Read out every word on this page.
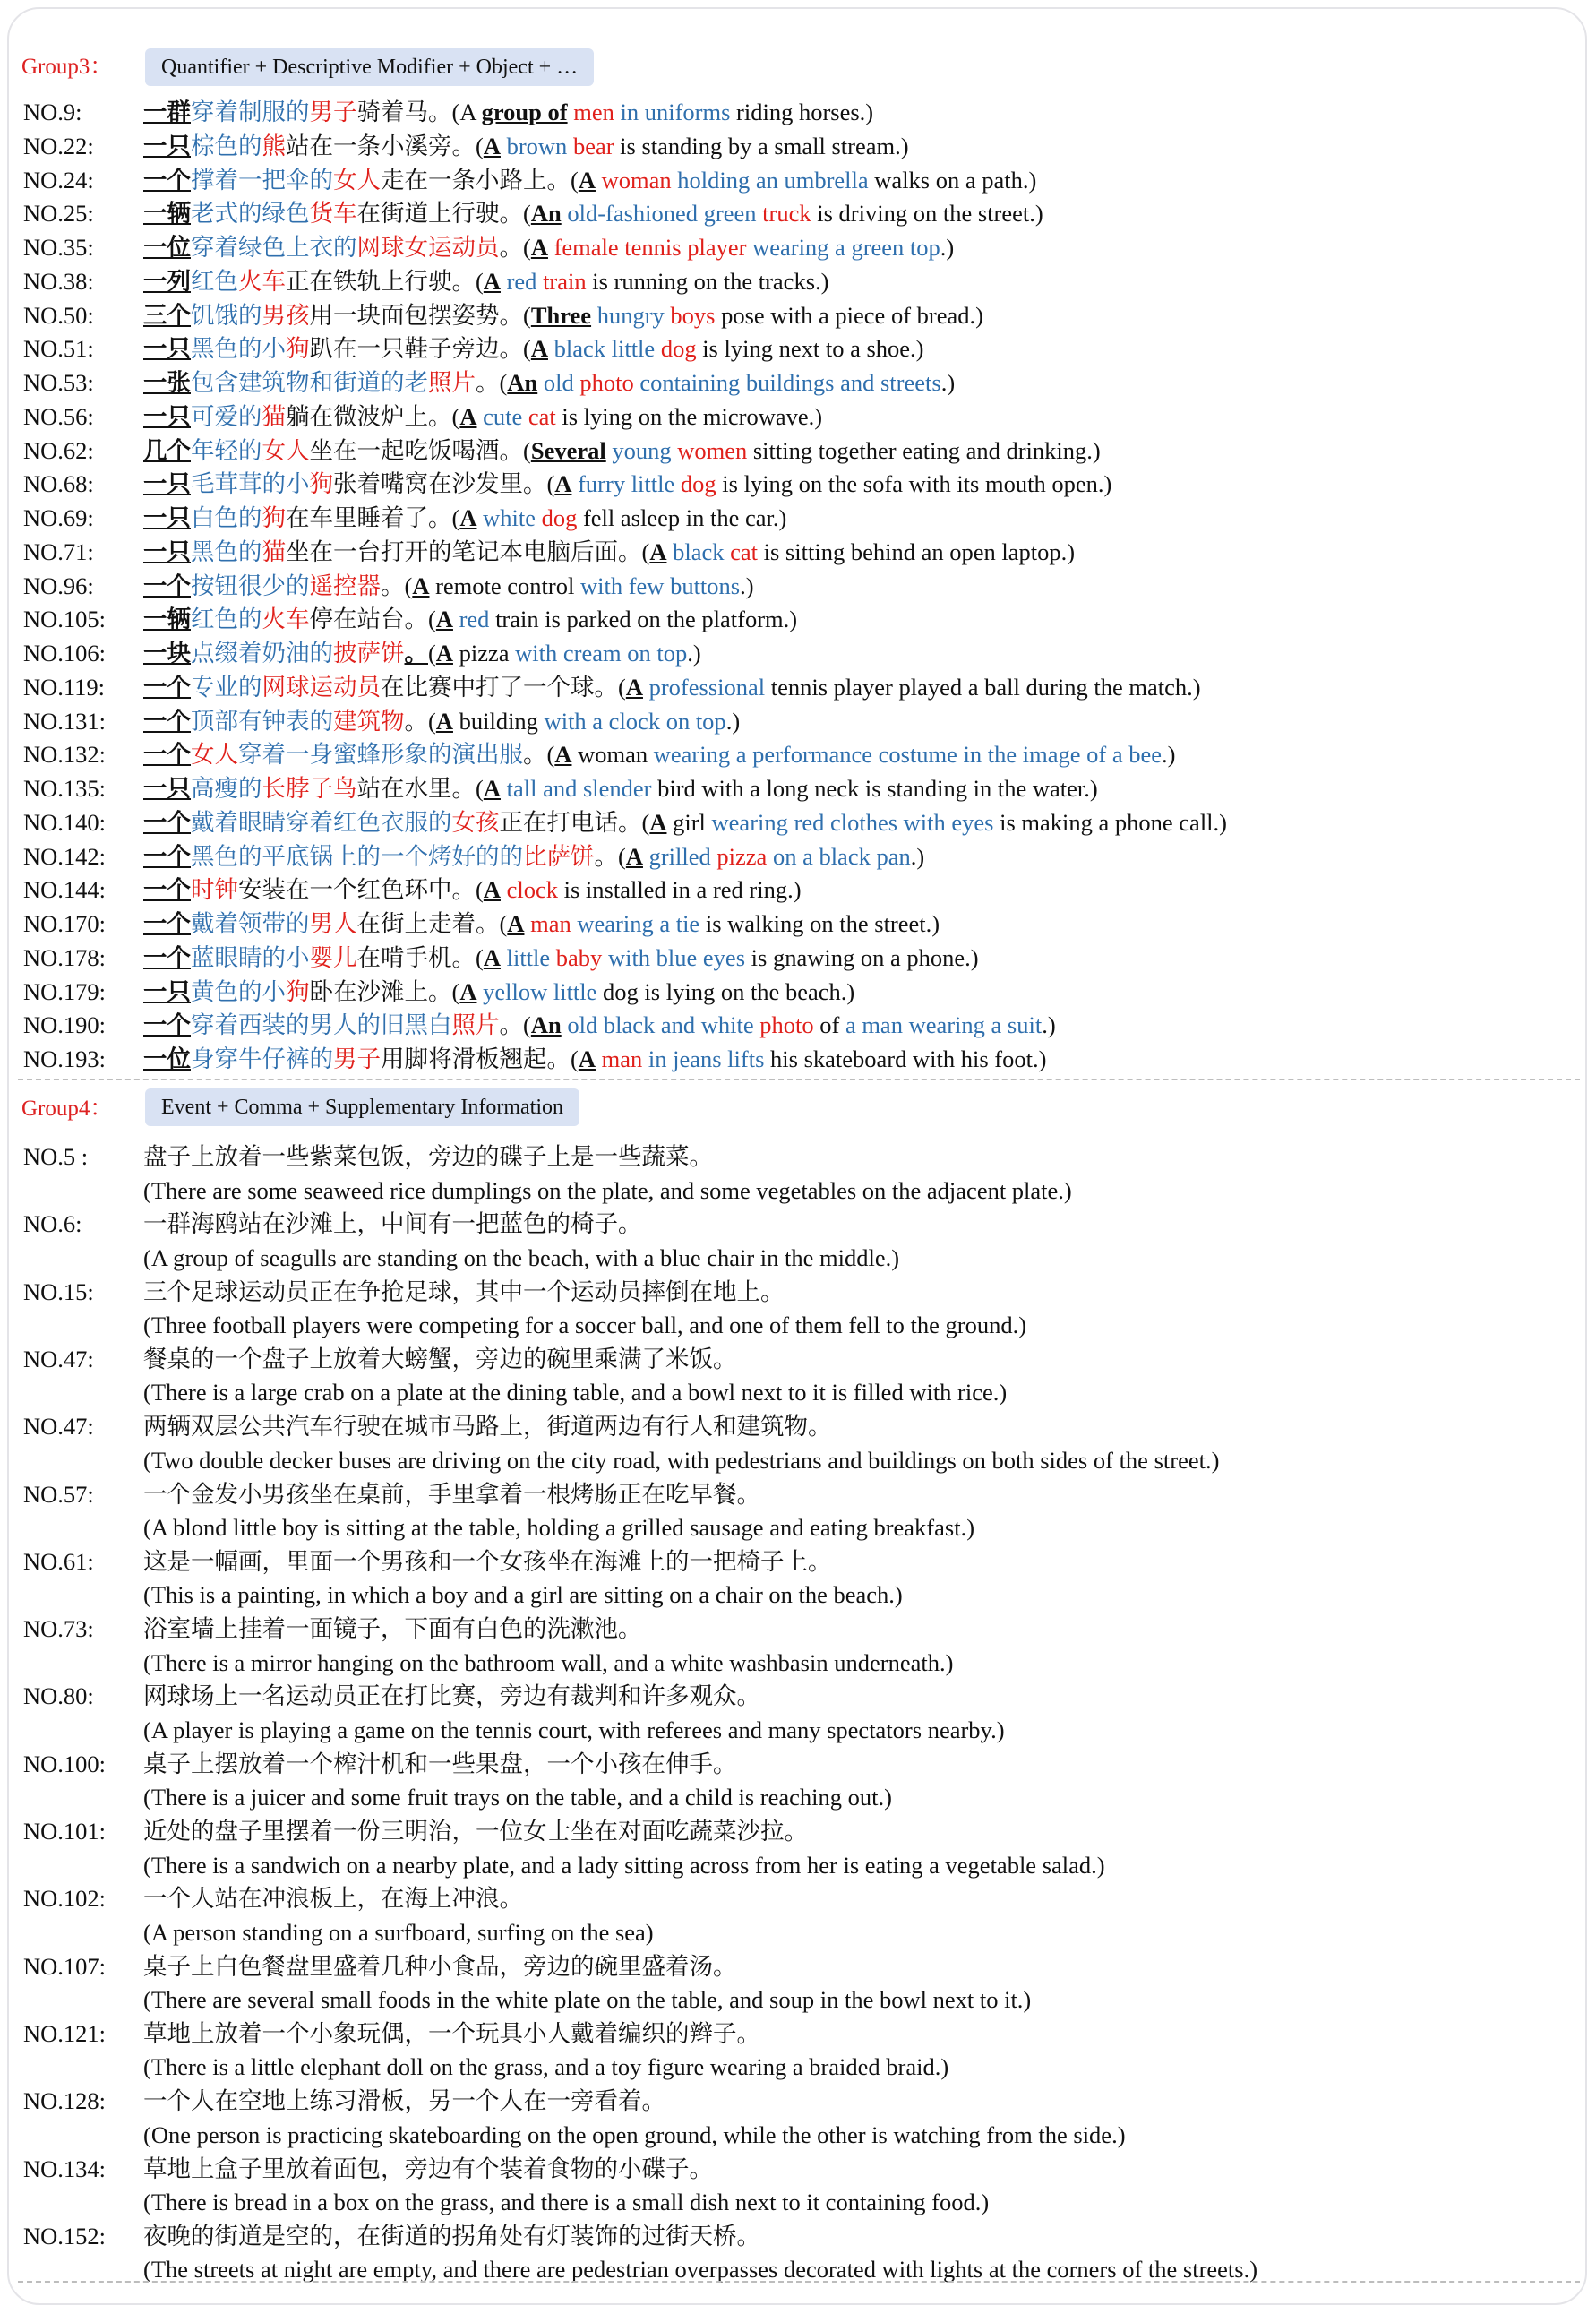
Group3：	Quantifier + Descriptive Modifier + Object + …
NO.9:	一群穿着制服的男子骑着马。(A group of men in uniforms riding horses.)
NO.22: 一只棕色的熊站在一条小溪旁。(A brown bear is standing by a small stream.)
NO.24: 一个撑着一把伞的女人走在一条小路上。(A woman holding an umbrella walks on a path.)
NO.25: 一辆老式的绿色货车在街道上行驶。(An old-fashioned green truck is driving on the street.)
NO.35: 一位穿着绿色上衣的网球女运动员。(A female tennis player wearing a green top.)
NO.38: 一列红色火车正在铁轨上行驶。(A red train is running on the tracks.)
NO.50: 三个饥饿的男孩用一块面包摆姿势。(Three hungry boys pose with a piece of bread.)
NO.51: 一只黑色的小狗趴在一只鞋子旁边。(A black little dog is lying next to a shoe.)
NO.53: 一张包含建筑物和街道的老照片。(An old photo containing buildings and streets.)
NO.56: 一只可爱的猫躺在微波炉上。(A cute cat is lying on the microwave.)
NO.62: 几个年轻的女人坐在一起吃饭喝酒。(Several young women sitting together eating and drinking.)
NO.68: 一只毛茸茸的小狗张着嘴窝在沙发里。(A furry little dog is lying on the sofa with its mouth open.)
NO.69: 一只白色的狗在车里睡着了。(A white dog fell asleep in the car.)
NO.71: 一只黑色的猫坐在一台打开的笔记本电脑后面。(A black cat is sitting behind an open laptop.)
NO.96: 一个按钮很少的遥控器。(A remote control with few buttons.)
NO.105: 一辆红色的火车停在站台。(A red train is parked on the platform.)
NO.106: 一块点缀着奶油的披萨饼。(A pizza with cream on top.)
NO.119: 一个专业的网球运动员在比赛中打了一个球。(A professional tennis player played a ball during the match.)
NO.131: 一个顶部有钟表的建筑物。(A building with a clock on top.)
NO.132: 一个女人穿着一身蜜蜂形象的演出服。(A woman wearing a performance costume in the image of a bee.)
NO.135: 一只高瘦的长脖子鸟站在水里。(A tall and slender bird with a long neck is standing in the water.)
NO.140: 一个戴着眼睛穿着红色衣服的女孩正在打电话。(A girl wearing red clothes with eyes is making a phone call.)
NO.142: 一个黑色的平底锅上的一个烤好的的比萨饼。(A grilled pizza on a black pan.)
NO.144: 一个时钟安装在一个红色环中。(A clock is installed in a red ring.)
NO.170: 一个戴着领带的男人在街上走着。(A man wearing a tie is walking on the street.)
NO.178: 一个蓝眼睛的小婴儿在啃手机。(A little baby with blue eyes is gnawing on a phone.)
NO.179: 一只黄色的小狗卧在沙滩上。(A yellow little dog is lying on the beach.)
NO.190: 一个穿着西装的男人的旧黑白照片。(An old black and white photo of a man wearing a suit.)
NO.193: 一位身穿牛仔裤的男子用脚将滑板翘起。(A man in jeans lifts his skateboard with his foot.)
Group4：	Event + Comma + Supplementary Information
NO.5 : 盘子上放着一些紫菜包饭，旁边的碟子上是一些蔬菜。
(There are some seaweed rice dumplings on the plate, and some vegetables on the adjacent plate.)
NO.6:	一群海鸥站在沙滩上，中间有一把蓝色的椅子。
(A group of seagulls are standing on the beach, with a blue chair in the middle.)
NO.15: 三个足球运动员正在争抢足球，其中一个运动员摔倒在地上。
(Three football players were competing for a soccer ball, and one of them fell to the ground.)
NO.47: 餐桌的一个盘子上放着大螃蟹，旁边的碗里乘满了米饭。
(There is a large crab on a plate at the dining table, and a bowl next to it is filled with rice.)
NO.47: 两辆双层公共汽车行驶在城市马路上，街道两边有行人和建筑物。
(Two double decker buses are driving on the city road, with pedestrians and buildings on both sides of the street.)
NO.57: 一个金发小男孩坐在桌前，手里拿着一根烤肠正在吃早餐。
(A blond little boy is sitting at the table, holding a grilled sausage and eating breakfast.)
NO.61: 这是一幅画，里面一个男孩和一个女孩坐在海滩上的一把椅子上。
(This is a painting, in which a boy and a girl are sitting on a chair on the beach.)
NO.73: 浴室墙上挂着一面镜子，下面有白色的洗漱池。
(There is a mirror hanging on the bathroom wall, and a white washbasin underneath.)
NO.80: 网球场上一名运动员正在打比赛，旁边有裁判和许多观众。
(A player is playing a game on the tennis court, with referees and many spectators nearby.)
NO.100: 桌子上摆放着一个榨汁机和一些果盘，一个小孩在伸手。
(There is a juicer and some fruit trays on the table, and a child is reaching out.)
NO.101: 近处的盘子里摆着一份三明治，一位女士坐在对面吃蔬菜沙拉。
(There is a sandwich on a nearby plate, and a lady sitting across from her is eating a vegetable salad.)
NO.102: 一个人站在冲浪板上，在海上冲浪。
(A person standing on a surfboard, surfing on the sea)
NO.107: 桌子上白色餐盘里盛着几种小食品，旁边的碗里盛着汤。
(There are several small foods in the white plate on the table, and soup in the bowl next to it.)
NO.121: 草地上放着一个小象玩偶，一个玩具小人戴着编织的辫子。
(There is a little elephant doll on the grass, and a toy figure wearing a braided braid.)
NO.128: 一个人在空地上练习滑板，另一个人在一旁看着。
(One person is practicing skateboarding on the open ground, while the other is watching from the side.)
NO.134: 草地上盒子里放着面包，旁边有个装着食物的小碟子。
(There is bread in a box on the grass, and there is a small dish next to it containing food.)
NO.152: 夜晚的街道是空的，在街道的拐角处有灯装饰的过街天桥。
(The streets at night are empty, and there are pedestrian overpasses decorated with lights at the corners of the streets.)
